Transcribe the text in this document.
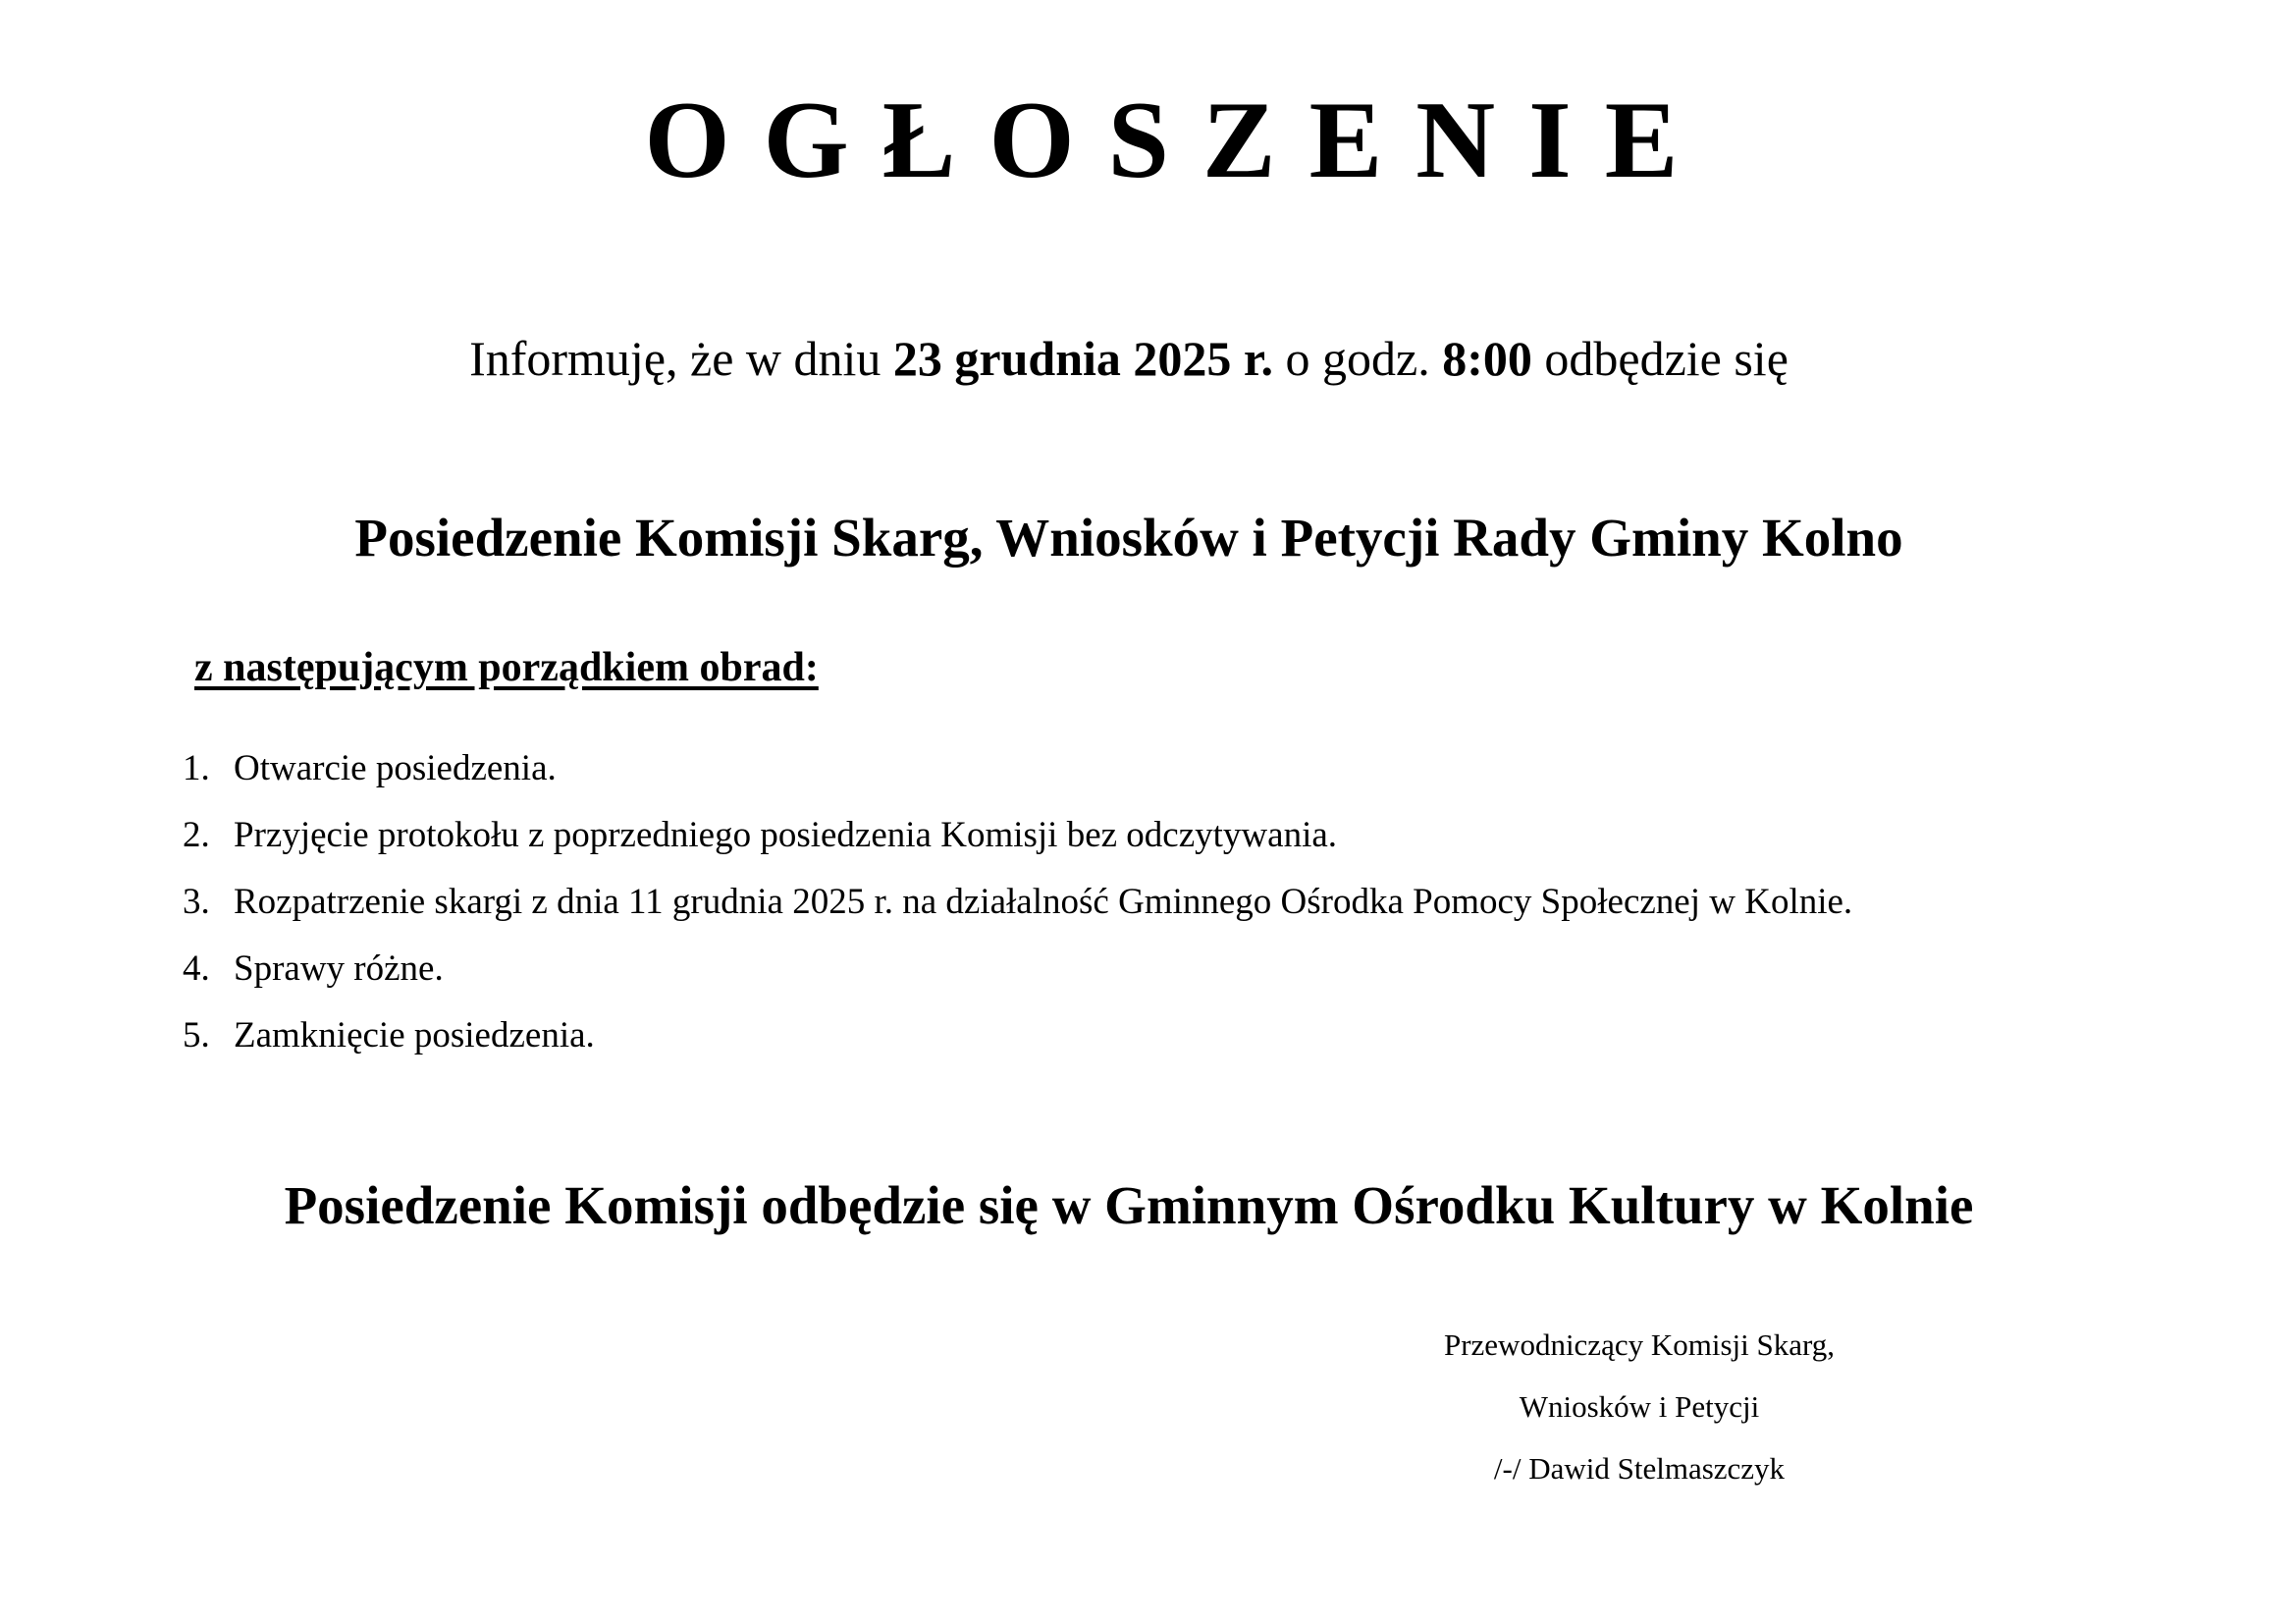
OGŁOSZENIE
Informuję, że w dniu 23 grudnia 2025 r. o godz. 8:00 odbędzie się
Posiedzenie Komisji Skarg, Wniosków i Petycji Rady Gminy Kolno
z następującym porządkiem obrad:
1. Otwarcie posiedzenia.
2. Przyjęcie protokołu z poprzedniego posiedzenia Komisji bez odczytywania.
3. Rozpatrzenie skargi z dnia 11 grudnia 2025 r. na działalność Gminnego Ośrodka Pomocy Społecznej w Kolnie.
4. Sprawy różne.
5. Zamknięcie posiedzenia.
Posiedzenie Komisji odbędzie się w Gminnym Ośrodku Kultury w Kolnie
Przewodniczący Komisji Skarg,
Wniosków i Petycji
/-/ Dawid Stelmaszczyk
